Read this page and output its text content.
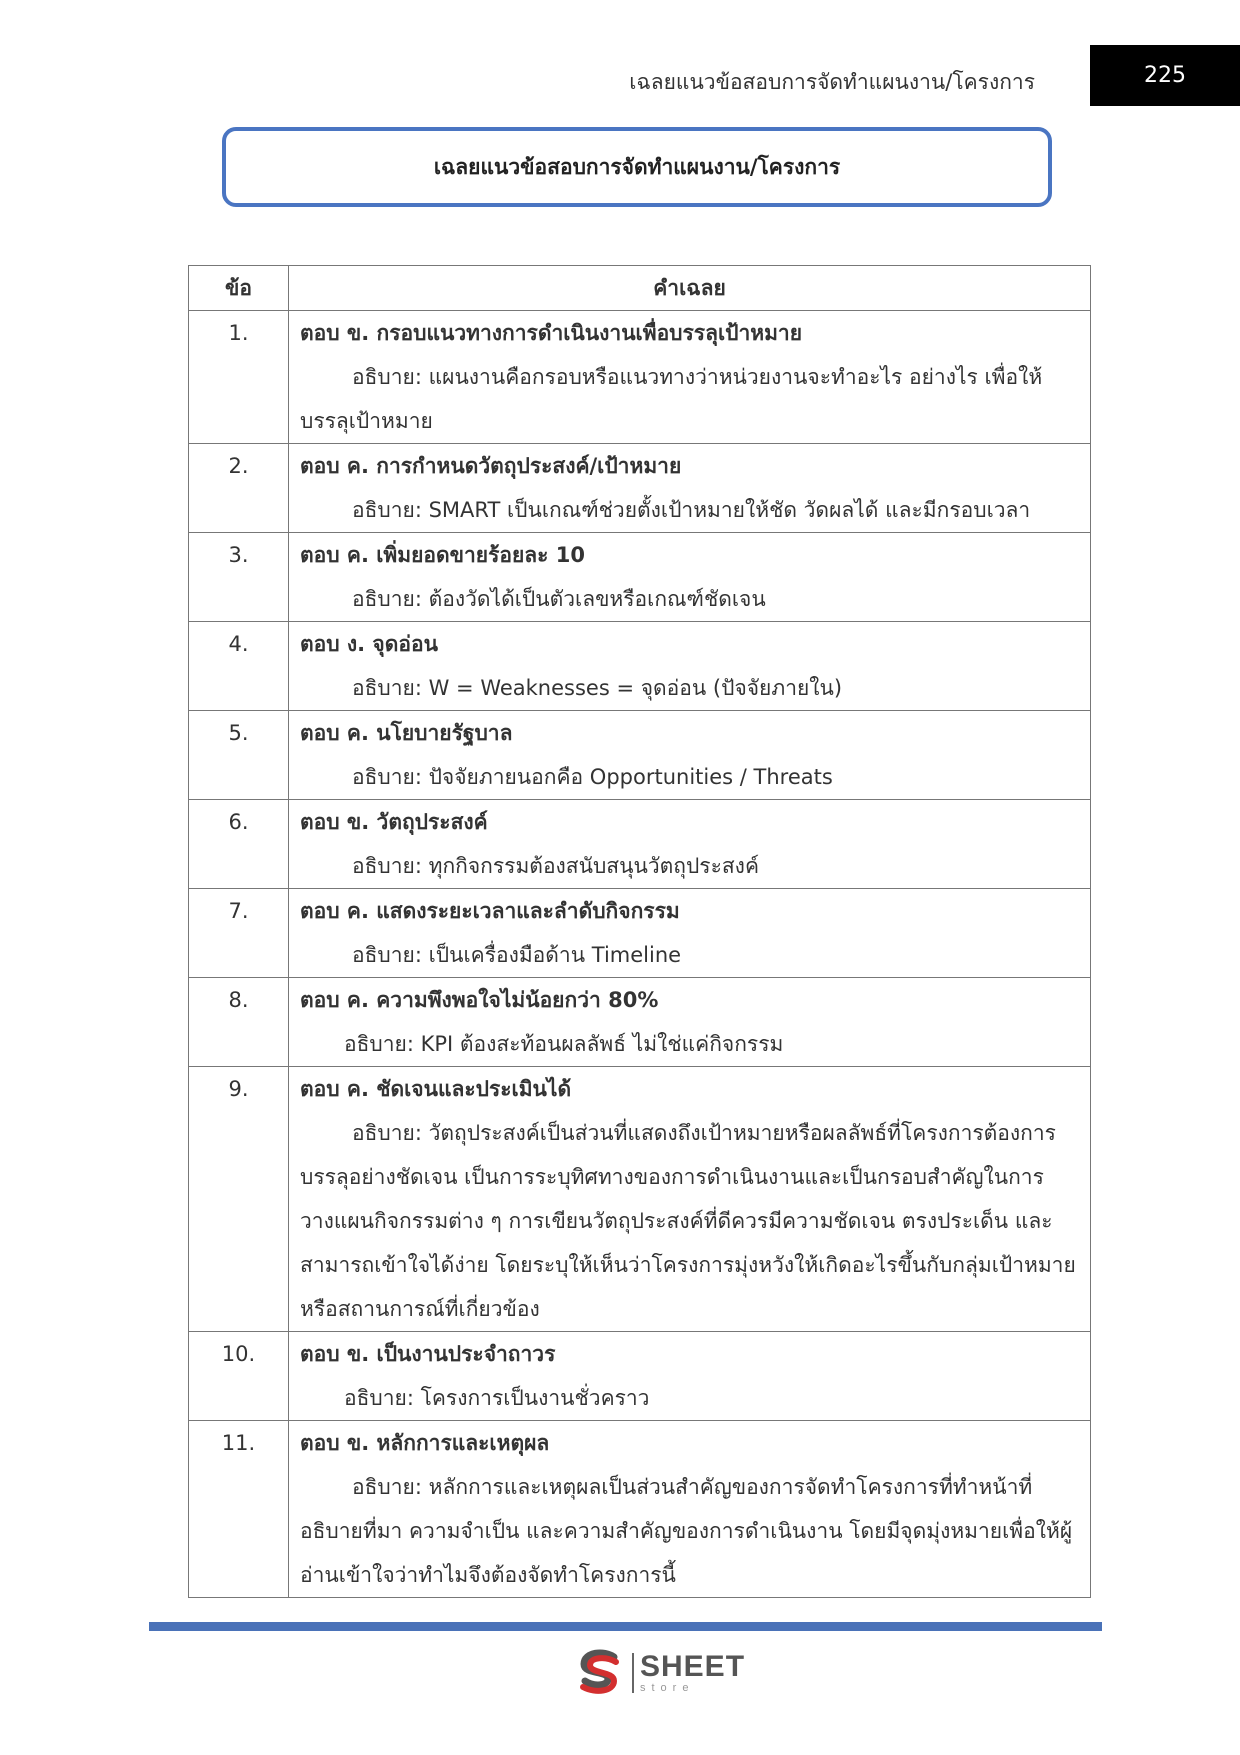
เฉลยแนวข้อสอบการจัดทำแผนงาน/โครงการ	225
เฉลยแนวข้อสอบการจัดทำแผนงาน/โครงการ
ข้อ	คำเฉลย
1.	ตอบ ข. กรอบแนวทางการดำเนินงานเพื่อบรรลุเป้าหมาย
อธิบาย: แผนงานคือกรอบหรือแนวทางว่าหน่วยงานจะทำอะไร อย่างไร เพื่อให้บรรลุเป้าหมาย

2.	ตอบ ค. การกำหนดวัตถุประสงค์/เป้าหมาย
อธิบาย: SMART เป็นเกณฑ์ช่วยตั้งเป้าหมายให้ชัด วัดผลได้ และมีกรอบเวลา

3.	ตอบ ค. เพิ่มยอดขายร้อยละ 10
อธิบาย: ต้องวัดได้เป็นตัวเลขหรือเกณฑ์ชัดเจน

4.	ตอบ ง. จุดอ่อน
อธิบาย: W = Weaknesses = จุดอ่อน (ปัจจัยภายใน)

5.	ตอบ ค. นโยบายรัฐบาล
อธิบาย: ปัจจัยภายนอกคือ Opportunities / Threats

6.	ตอบ ข. วัตถุประสงค์
อธิบาย: ทุกกิจกรรมต้องสนับสนุนวัตถุประสงค์

7.	ตอบ ค. แสดงระยะเวลาและลำดับกิจกรรม
อธิบาย: เป็นเครื่องมือด้าน Timeline

8.	ตอบ ค. ความพึงพอใจไม่น้อยกว่า 80%
อธิบาย: KPI ต้องสะท้อนผลลัพธ์ ไม่ใช่แค่กิจกรรม

9.	ตอบ ค. ชัดเจนและประเมินได้
อธิบาย: วัตถุประสงค์เป็นส่วนที่แสดงถึงเป้าหมายหรือผลลัพธ์ที่โครงการต้องการบรรลุอย่างชัดเจน เป็นการระบุทิศทางของการดำเนินงานและเป็นกรอบสำคัญในการวางแผนกิจกรรมต่าง ๆ การเขียนวัตถุประสงค์ที่ดีควรมีความชัดเจน ตรงประเด็น และสามารถเข้าใจได้ง่าย โดยระบุให้เห็นว่าโครงการมุ่งหวังให้เกิดอะไรขึ้นกับกลุ่มเป้าหมายหรือสถานการณ์ที่เกี่ยวข้อง

10.	ตอบ ข. เป็นงานประจำถาวร
อธิบาย: โครงการเป็นงานชั่วคราว

11.	ตอบ ข. หลักการและเหตุผล
อธิบาย: หลักการและเหตุผลเป็นส่วนสำคัญของการจัดทำโครงการที่ทำหน้าที่อธิบายที่มา ความจำเป็น และความสำคัญของการดำเนินงาน โดยมีจุดมุ่งหมายเพื่อให้ผู้อ่านเข้าใจว่าทำไมจึงต้องจัดทำโครงการนี้
SHEET
store
